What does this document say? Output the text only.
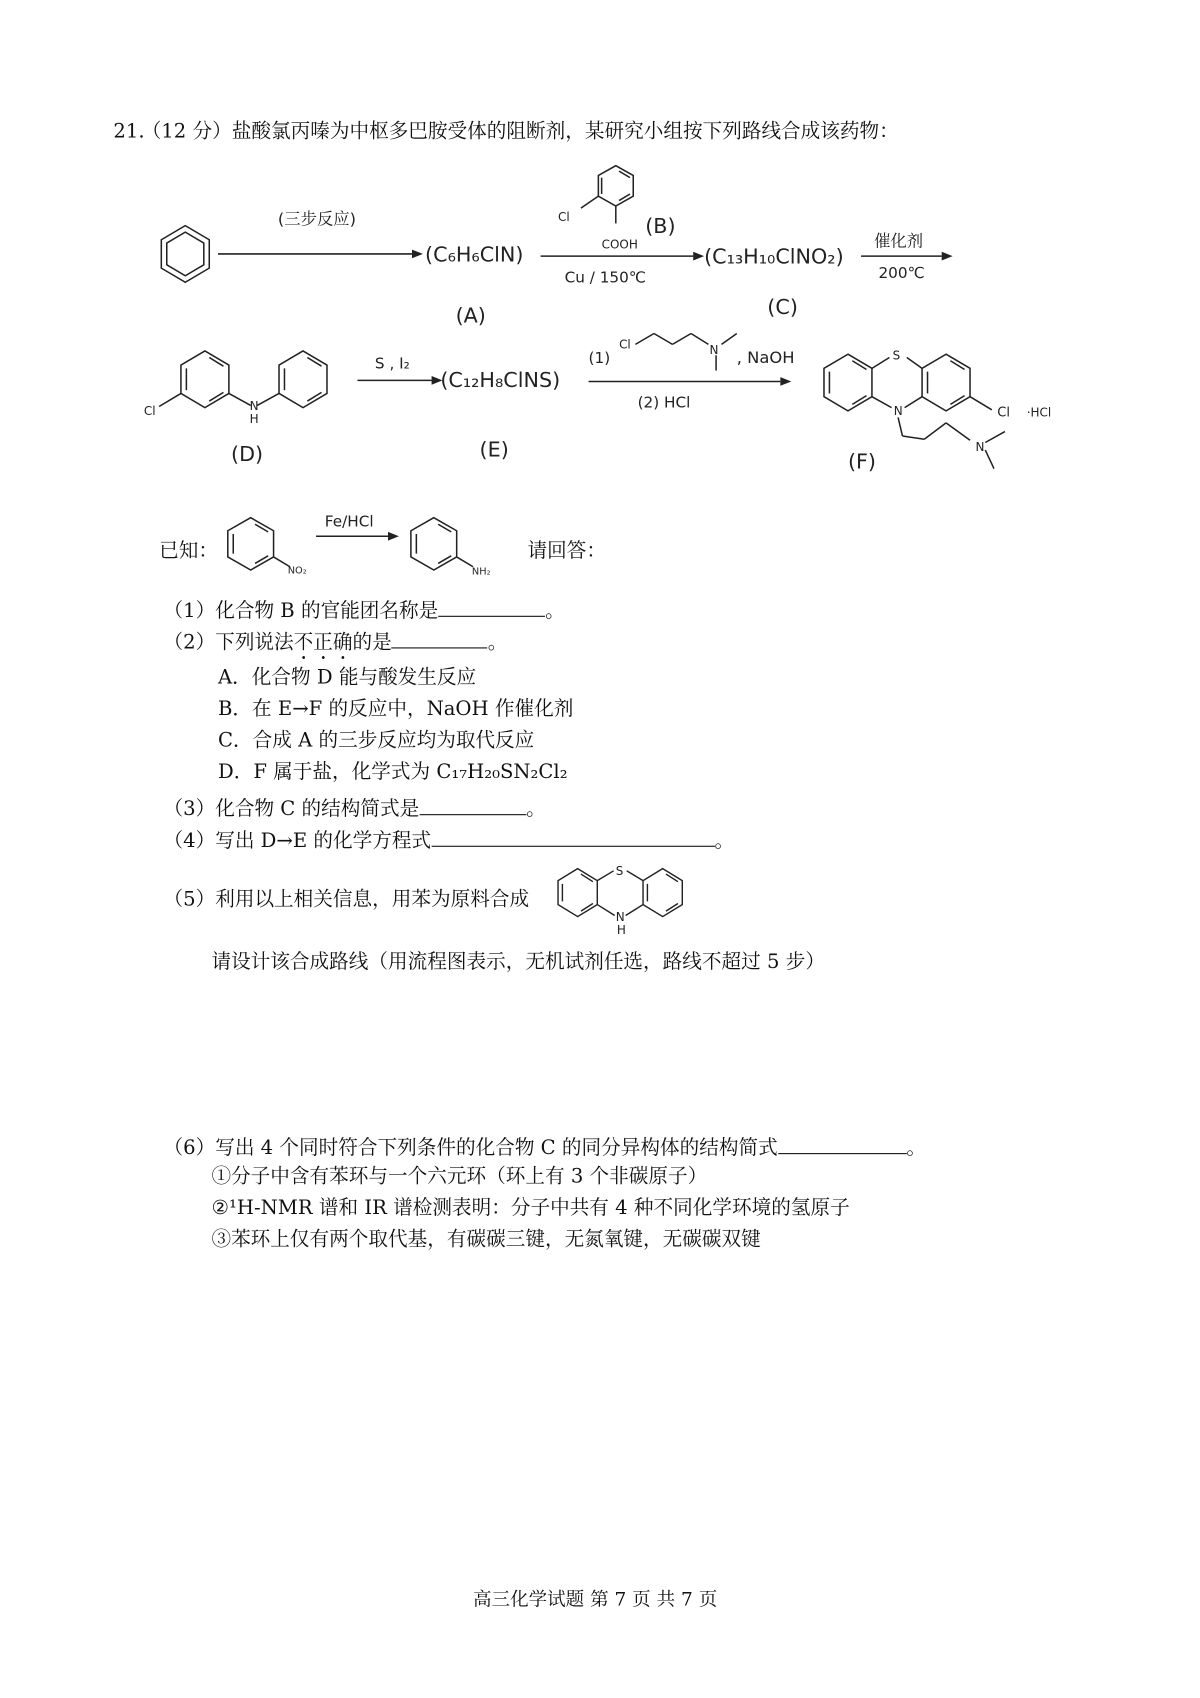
21.
（12 分）盐酸氯丙嗪为中枢多巴胺受体的阻断剂，某研究小组按下列路线合成该药物：
(三步反应)
(C₆H₆ClN)
(A)
Cl
COOH
(B)
Cu / 150℃
(C₁₃H₁₀ClNO₂)
(C)
催化剂
200℃
Cl	N
H
(D)
S , I₂
(C₁₂H₈ClNS)
(E)
(1)
Cl	N , NaOH
(2) HCl
S
N	Cl ·HCl
N
(F)
Fe/HCl
NO₂	NH₂
已知：	请回答：
（1）化合物 B 的官能团名称是	。
（2）下列说法不正确的是	。
A．化合物 D 能与酸发生反应
B．在 E→F 的反应中，NaOH 作催化剂
C．合成 A 的三步反应均为取代反应
D．F 属于盐，化学式为 C₁₇H₂₀SN₂Cl₂
（3）化合物 C 的结构简式是	。
（4）写出 D→E 的化学方程式	。
（5）利用以上相关信息，用苯为原料合成
S
N
H
请设计该合成路线（用流程图表示，无机试剂任选，路线不超过 5 步）
（6）写出 4 个同时符合下列条件的化合物 C 的同分异构体的结构简式	。
①分子中含有苯环与一个六元环（环上有 3 个非碳原子）
②¹H-NMR 谱和 IR 谱检测表明：分子中共有 4 种不同化学环境的氢原子
③苯环上仅有两个取代基，有碳碳三键，无氮氧键，无碳碳双键
高三化学试题 第 7 页 共 7 页
